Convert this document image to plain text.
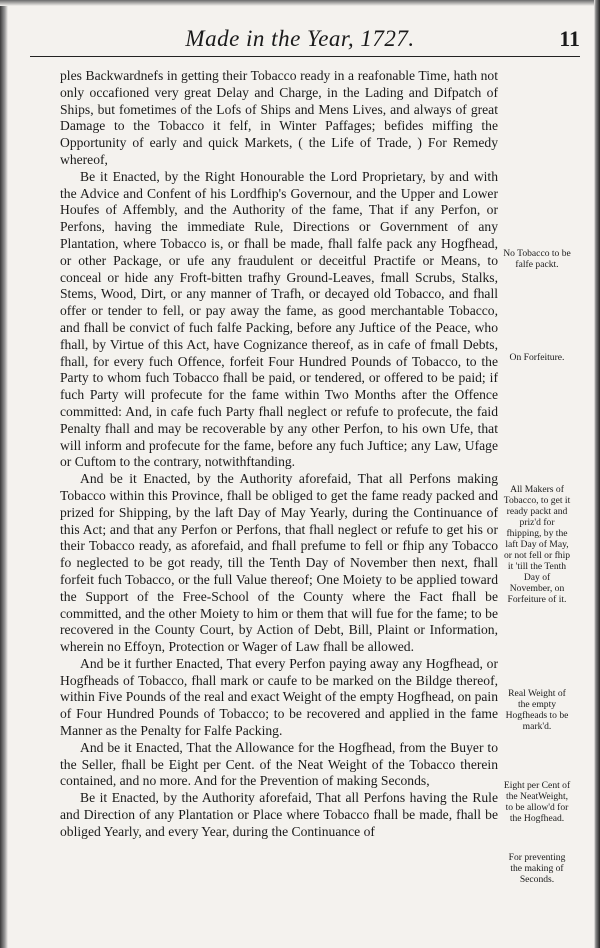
Made in the Year, 1727.	11

ples Backwardnefs in getting their Tobacco ready in a reafonable Time, hath not only occafioned very great Delay and Charge, in the Lading and Difpatch of Ships, but fometimes of the Lofs of Ships and Mens Lives, and always of great Damage to the Tobacco it felf, in Winter Paffages; befides miffing the Opportunity of early and quick Markets, ( the Life of Trade, ) For Remedy whereof,

Be it Enacted, by the Right Honourable the Lord Proprietary, by and with the Advice and Confent of his Lordfhip's Governour, and the Upper and Lower Houfes of Affembly, and the Authority of the fame, That if any Perfon, or Perfons, having the immediate Rule, Directions or Government of any Plantation, where Tobacco is, or fhall be made, fhall falfe pack any Hogfhead, or other Package, or ufe any fraudulent or deceitful Practife or Means, to conceal or hide any Froft-bitten trafhy Ground-Leaves, fmall Scrubs, Stalks, Stems, Wood, Dirt, or any manner of Trafh, or decayed old Tobacco, and fhall offer or tender to fell, or pay away the fame, as good merchantable Tobacco, and fhall be convict of fuch falfe Packing, before any Juftice of the Peace, who fhall, by Virtue of this Act, have Cognizance thereof, as in cafe of fmall Debts, fhall, for every fuch Offence, forfeit Four Hundred Pounds of Tobacco, to the Party to whom fuch Tobacco fhall be paid, or tendered, or offered to be paid; if fuch Party will profecute for the fame within Two Months after the Offence committed: And, in cafe fuch Party fhall neglect or refufe to profecute, the faid Penalty fhall and may be recoverable by any other Perfon, to his own Ufe, that will inform and profecute for the fame, before any fuch Juftice; any Law, Ufage or Cuftom to the contrary, notwithftanding.

And be it Enacted, by the Authority aforefaid, That all Perfons making Tobacco within this Province, fhall be obliged to get the fame ready packed and prized for Shipping, by the laft Day of May Yearly, during the Continuance of this Act; and that any Perfon or Perfons, that fhall neglect or refufe to get his or their Tobacco ready, as aforefaid, and fhall prefume to fell or fhip any Tobacco fo neglected to be got ready, till the Tenth Day of November then next, fhall forfeit fuch Tobacco, or the full Value thereof; One Moiety to be applied toward the Support of the Free-School of the County where the Fact fhall be committed, and the other Moiety to him or them that will fue for the fame; to be recovered in the County Court, by Action of Debt, Bill, Plaint or Information, wherein no Effoyn, Protection or Wager of Law fhall be allowed.

And be it further Enacted, That every Perfon paying away any Hogfhead, or Hogfheads of Tobacco, fhall mark or caufe to be marked on the Bildge thereof, within Five Pounds of the real and exact Weight of the empty Hogfhead, on pain of Four Hundred Pounds of Tobacco; to be recovered and applied in the fame Manner as the Penalty for Falfe Packing.

And be it Enacted, That the Allowance for the Hogfhead, from the Buyer to the Seller, fhall be Eight per Cent. of the Neat Weight of the Tobacco therein contained, and no more. And for the Prevention of making Seconds,

Be it Enacted, by the Authority aforefaid, That all Perfons having the Rule and Direction of any Plantation or Place where Tobacco fhall be made, fhall be obliged Yearly, and every Year, during the Continuance of

No Tobacco to be falfe packt.
On Forfeiture.
All Makers of Tobacco, to get it ready packt and priz'd for fhipping, by the laft Day of May, or not fell or fhip it 'till the Tenth Day of November, on Forfeiture of it.
Real Weight of the empty Hogfheads to be mark'd.
Eight per Cent of the NeatWeight, to be allow'd for the Hogfhead.
For preventing the making of Seconds.
